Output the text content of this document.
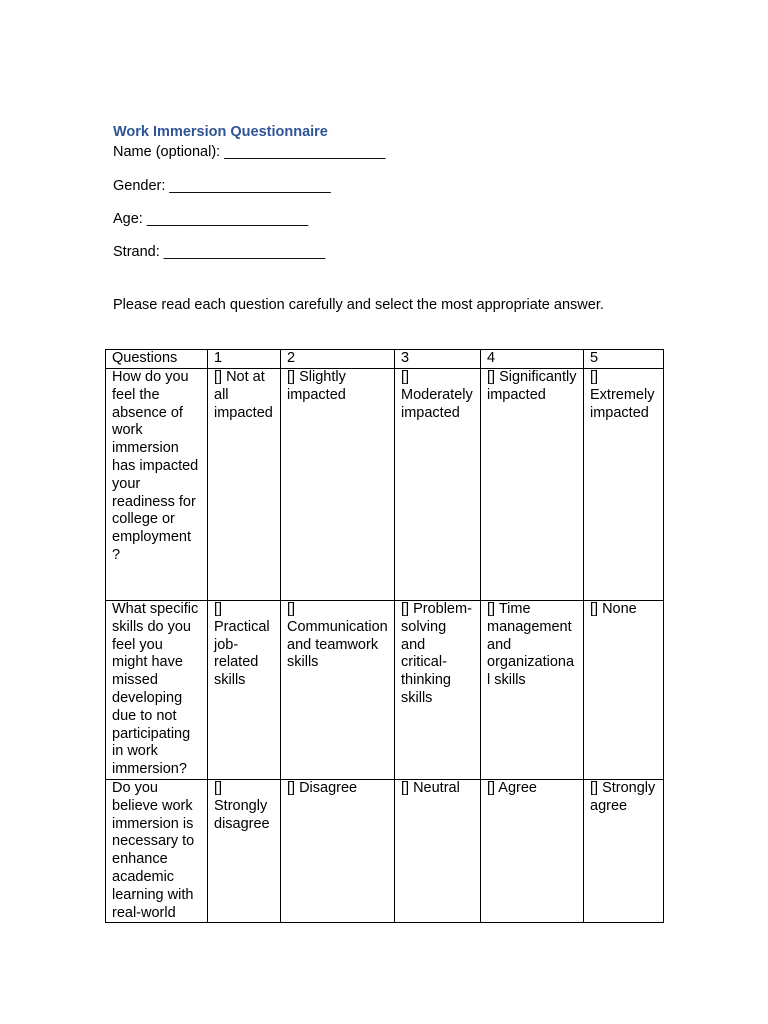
Work Immersion Questionnaire
Name (optional): ____________________
Gender: ____________________
Age: ____________________
Strand: ____________________
Please read each question carefully and select the most appropriate answer.
Questions	1	2	3	4	5
How do you feel the absence of work immersion has impacted your readiness for college or employment ?	[] Not at all impacted	[] Slightly impacted	[] Moderately impacted	[] Significantly impacted	[] Extremely impacted
What specific skills do you feel you might have missed developing due to not participating in work immersion?	[] Practical job-related skills	[] Communication and teamwork skills	[] Problem-solving and critical-thinking skills	[] Time management and organizational skills	[] None
Do you believe work immersion is necessary to enhance academic learning with real-world	[] Strongly disagree	[] Disagree	[] Neutral	[] Agree	[] Strongly agree
